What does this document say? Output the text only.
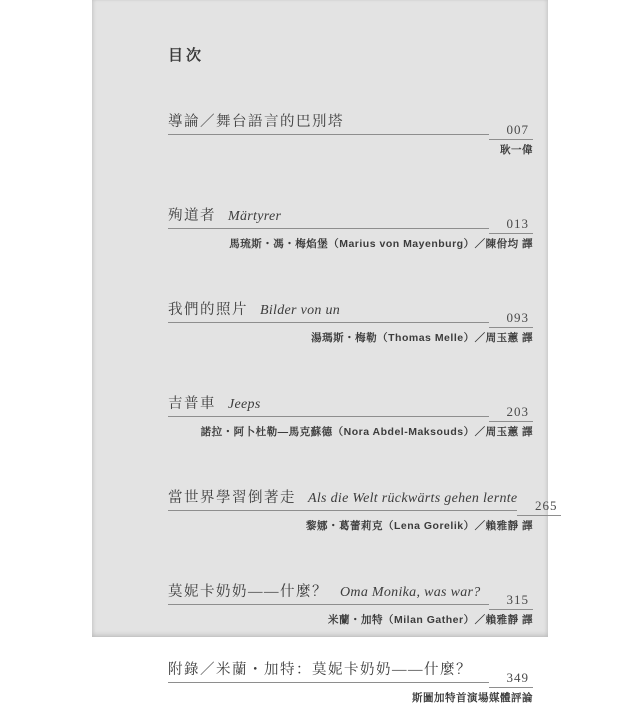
目次
導論／舞台語言的巴別塔	007
耿一偉
殉道者 Märtyrer	013
馬琉斯・馮・梅焰堡（Marius von Mayenburg）／陳佾均 譯
我們的照片 Bilder von un	093
湯瑪斯・梅勒（Thomas Melle）／周玉蕙 譯
吉普車 Jeeps	203
諾拉・阿卜杜勒—馬克蘇德（Nora Abdel-Maksouds）／周玉蕙 譯
當世界學習倒著走 Als die Welt rückwärts gehen lernte	265
黎娜・葛蕾莉克（Lena Gorelik）／賴雅靜 譯
莫妮卡奶奶——什麼？ Oma Monika, was war?	315
米蘭・加特（Milan Gather）／賴雅靜 譯
附錄／米蘭・加特：莫妮卡奶奶——什麼？	349
斯圖加特首演場媒體評論
